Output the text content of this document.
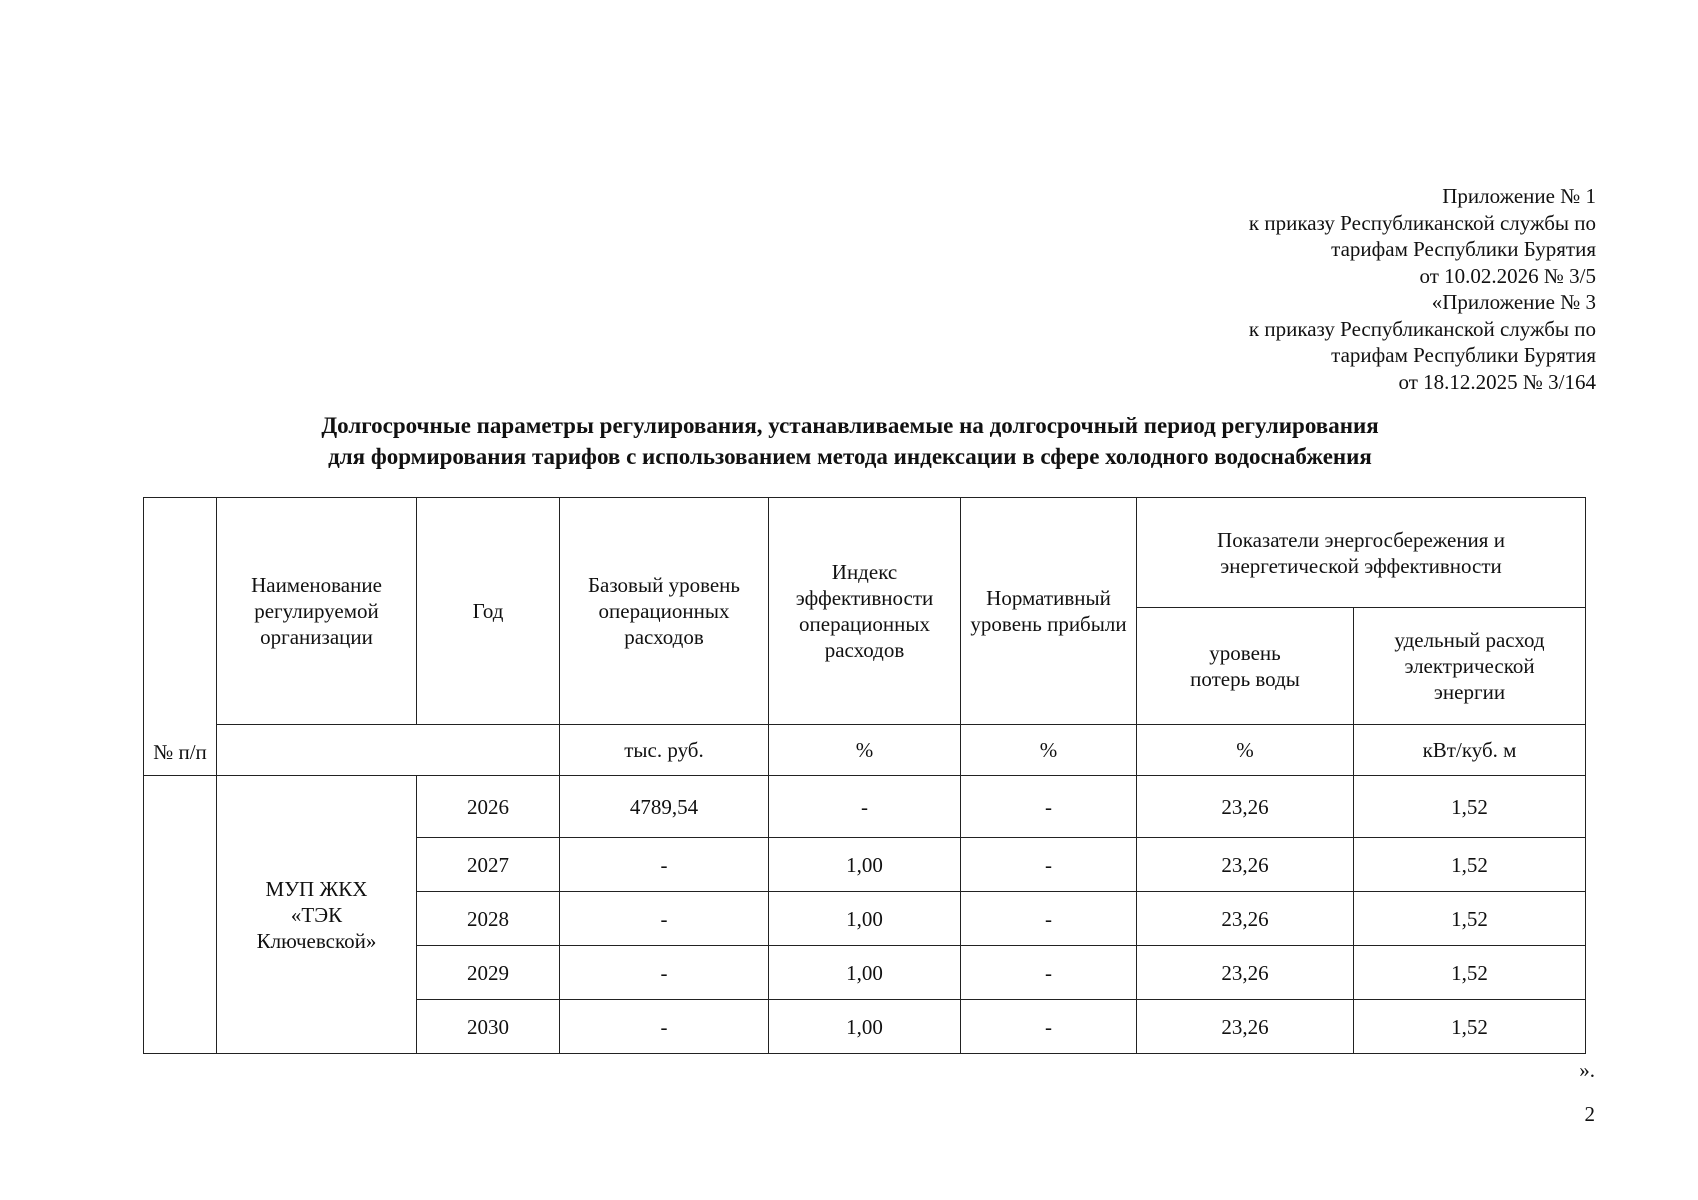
Приложение № 1
к приказу Республиканской службы по
тарифам Республики Бурятия
от 10.02.2026 № 3/5
«Приложение № 3
к приказу Республиканской службы по
тарифам Республики Бурятия
от 18.12.2025 № 3/164
Долгосрочные параметры регулирования, устанавливаемые на долгосрочный период регулирования
для формирования тарифов с использованием метода индексации в сфере холодного водоснабжения
№ п/п	Наименование регулируемой организации	Год	Базовый уровень операционных расходов	Индекс эффективности операционных расходов	Нормативный уровень прибыли	Показатели энергосбережения и энергетической эффективности	
						уровень потерь воды	удельный расход электрической энергии
			тыс. руб.	%	%	%	кВт/куб. м
	МУП ЖКХ «ТЭК Ключевской»	2026	4789,54	-	-	23,26	1,52
		2027	-	1,00	-	23,26	1,52
		2028	-	1,00	-	23,26	1,52
		2029	-	1,00	-	23,26	1,52
		2030	-	1,00	-	23,26	1,52
».
2
